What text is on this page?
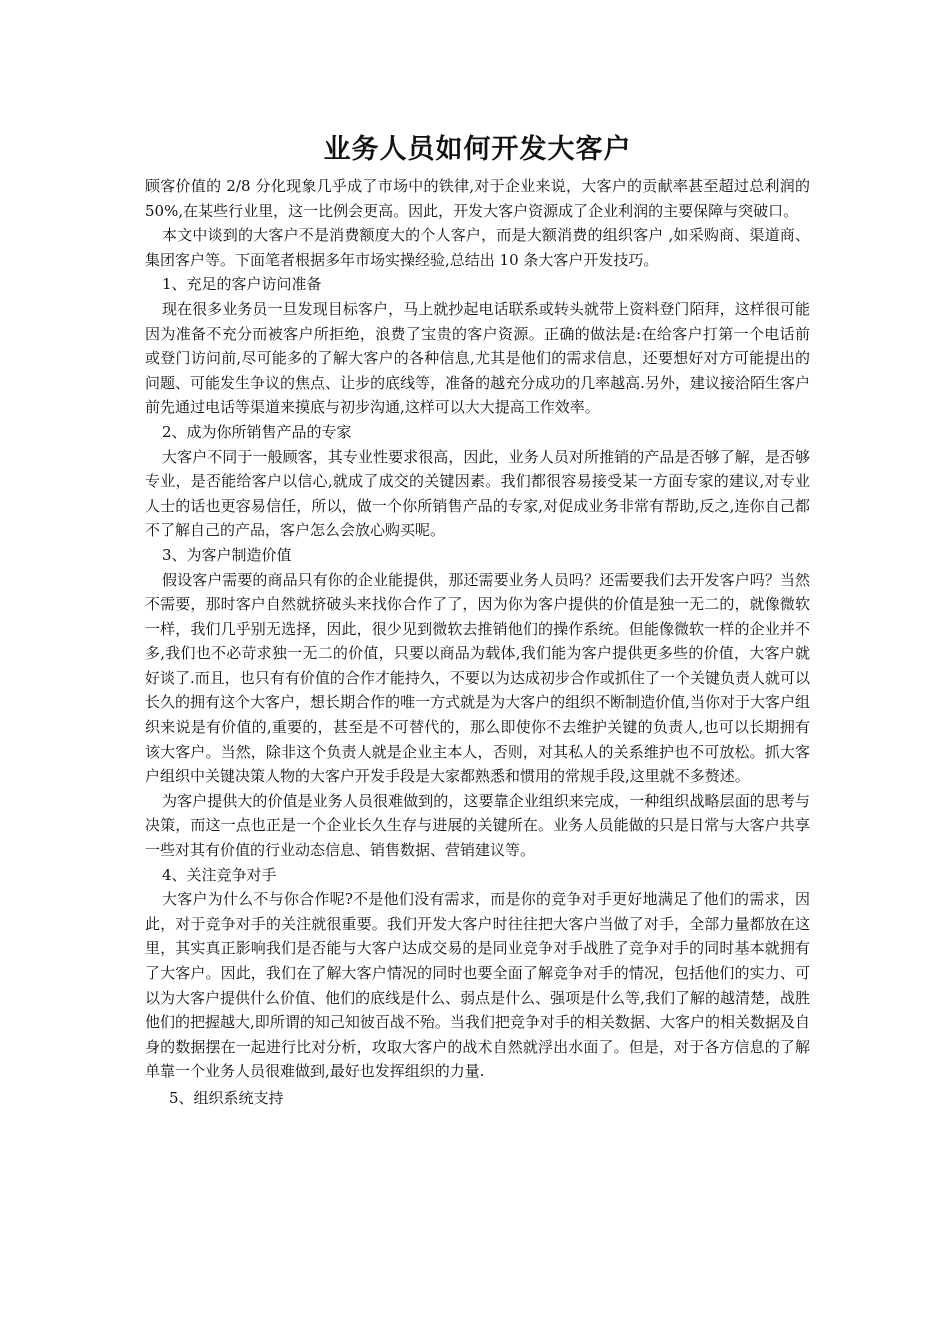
业务人员如何开发大客户

顾客价值的 2/8 分化现象几乎成了市场中的铁律,对于企业来说，大客户的贡献率甚至超过总利润的 50%,在某些行业里，这一比例会更高。因此，开发大客户资源成了企业利润的主要保障与突破口。

本文中谈到的大客户不是消费额度大的个人客户，而是大额消费的组织客户 ,如采购商、渠道商、集团客户等。下面笔者根据多年市场实操经验,总结出 10 条大客户开发技巧。

1、充足的客户访问准备

现在很多业务员一旦发现目标客户，马上就抄起电话联系或转头就带上资料登门陌拜，这样很可能因为准备不充分而被客户所拒绝，浪费了宝贵的客户资源。正确的做法是:在给客户打第一个电话前或登门访问前,尽可能多的了解大客户的各种信息,尤其是他们的需求信息，还要想好对方可能提出的问题、可能发生争议的焦点、让步的底线等，准备的越充分成功的几率越高.另外，建议接洽陌生客户前先通过电话等渠道来摸底与初步沟通,这样可以大大提高工作效率。

2、成为你所销售产品的专家

大客户不同于一般顾客，其专业性要求很高，因此，业务人员对所推销的产品是否够了解，是否够专业，是否能给客户以信心,就成了成交的关键因素。我们都很容易接受某一方面专家的建议,对专业人士的话也更容易信任，所以，做一个你所销售产品的专家,对促成业务非常有帮助,反之,连你自己都不了解自己的产品，客户怎么会放心购买呢。

3、为客户制造价值

假设客户需要的商品只有你的企业能提供，那还需要业务人员吗？还需要我们去开发客户吗？当然不需要，那时客户自然就挤破头来找你合作了了，因为你为客户提供的价值是独一无二的，就像微软一样，我们几乎别无选择，因此，很少见到微软去推销他们的操作系统。但能像微软一样的企业并不多,我们也不必苛求独一无二的价值，只要以商品为载体,我们能为客户提供更多些的价值，大客户就好谈了.而且，也只有有价值的合作才能持久，不要以为达成初步合作或抓住了一个关键负责人就可以长久的拥有这个大客户，想长期合作的唯一方式就是为大客户的组织不断制造价值,当你对于大客户组织来说是有价值的,重要的，甚至是不可替代的，那么即使你不去维护关键的负责人,也可以长期拥有该大客户。当然，除非这个负责人就是企业主本人，否则，对其私人的关系维护也不可放松。抓大客户组织中关键决策人物的大客户开发手段是大家都熟悉和惯用的常规手段,这里就不多赘述。

为客户提供大的价值是业务人员很难做到的，这要靠企业组织来完成，一种组织战略层面的思考与决策，而这一点也正是一个企业长久生存与进展的关键所在。业务人员能做的只是日常与大客户共享一些对其有价值的行业动态信息、销售数据、营销建议等。

4、关注竞争对手

大客户为什么不与你合作呢?不是他们没有需求，而是你的竞争对手更好地满足了他们的需求，因此，对于竞争对手的关注就很重要。我们开发大客户时往往把大客户当做了对手，全部力量都放在这里，其实真正影响我们是否能与大客户达成交易的是同业竞争对手战胜了竞争对手的同时基本就拥有了大客户。因此，我们在了解大客户情况的同时也要全面了解竞争对手的情况，包括他们的实力、可以为大客户提供什么价值、他们的底线是什么、弱点是什么、强项是什么等,我们了解的越清楚，战胜他们的把握越大,即所谓的知己知彼百战不殆。当我们把竞争对手的相关数据、大客户的相关数据及自身的数据摆在一起进行比对分析，攻取大客户的战术自然就浮出水面了。但是，对于各方信息的了解单靠一个业务人员很难做到,最好也发挥组织的力量.

5、组织系统支持
